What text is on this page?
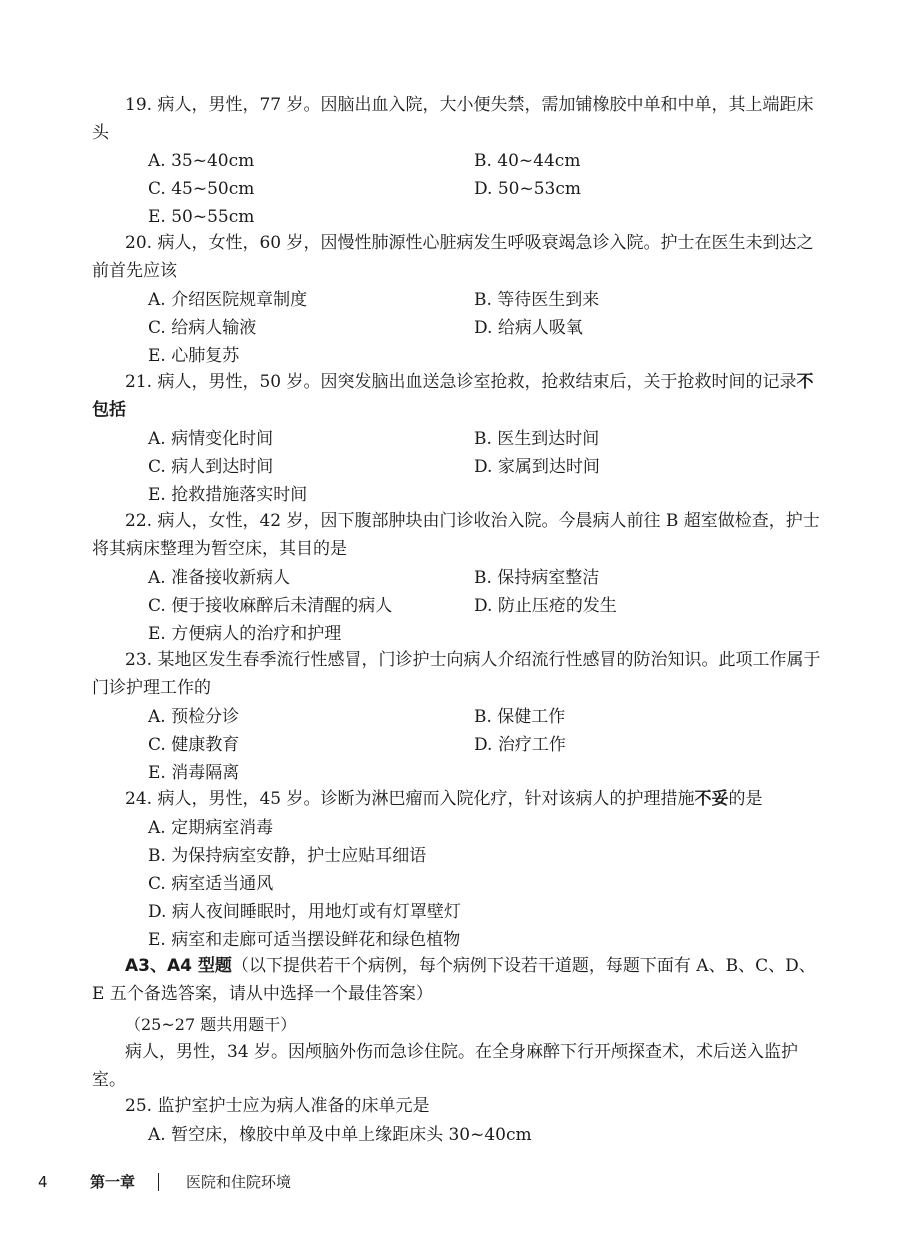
19. 病人，男性，77 岁。因脑出血入院，大小便失禁，需加铺橡胶中单和中单，其上端距床头

A. 35~40cm	B. 40~44cm
C. 45~50cm	D. 50~53cm
E. 50~55cm

20. 病人，女性，60 岁，因慢性肺源性心脏病发生呼吸衰竭急诊入院。护士在医生未到达之前首先应该

A. 介绍医院规章制度	B. 等待医生到来
C. 给病人输液	D. 给病人吸氧
E. 心肺复苏

21. 病人，男性，50 岁。因突发脑出血送急诊室抢救，抢救结束后，关于抢救时间的记录不包括

A. 病情变化时间	B. 医生到达时间
C. 病人到达时间	D. 家属到达时间
E. 抢救措施落实时间

22. 病人，女性，42 岁，因下腹部肿块由门诊收治入院。今晨病人前往 B 超室做检查，护士将其病床整理为暂空床，其目的是

A. 准备接收新病人	B. 保持病室整洁
C. 便于接收麻醉后未清醒的病人	D. 防止压疮的发生
E. 方便病人的治疗和护理

23. 某地区发生春季流行性感冒，门诊护士向病人介绍流行性感冒的防治知识。此项工作属于门诊护理工作的

A. 预检分诊	B. 保健工作
C. 健康教育	D. 治疗工作
E. 消毒隔离

24. 病人，男性，45 岁。诊断为淋巴瘤而入院化疗，针对该病人的护理措施不妥的是

A. 定期病室消毒
B. 为保持病室安静，护士应贴耳细语
C. 病室适当通风
D. 病人夜间睡眠时，用地灯或有灯罩壁灯
E. 病室和走廊可适当摆设鲜花和绿色植物

A3、A4 型题（以下提供若干个病例，每个病例下设若干道题，每题下面有 A、B、C、D、E 五个备选答案，请从中选择一个最佳答案）

（25~27 题共用题干）

病人，男性，34 岁。因颅脑外伤而急诊住院。在全身麻醉下行开颅探查术，术后送入监护室。

25. 监护室护士应为病人准备的床单元是

A. 暂空床，橡胶中单及中单上缘距床头 30~40cm
4	第一章	医院和住院环境
